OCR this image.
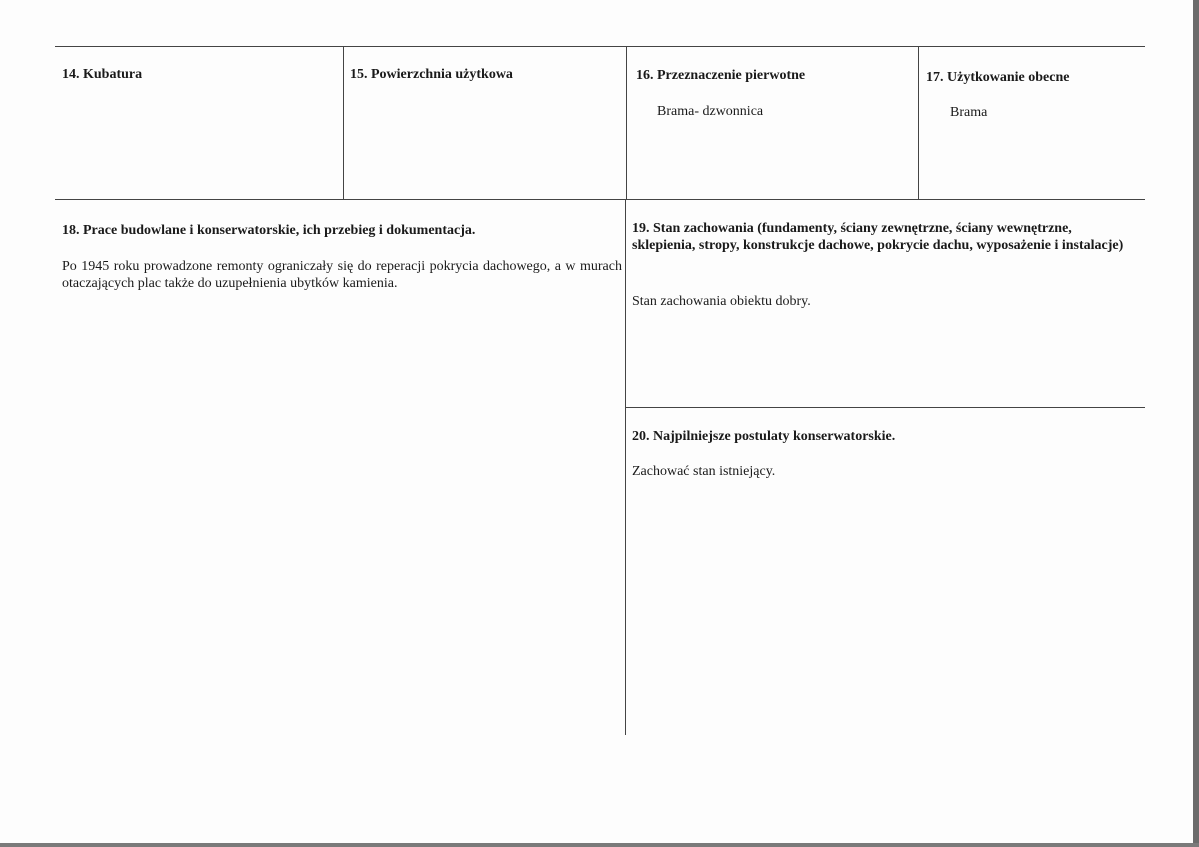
14. Kubatura	15. Powierzchnia użytkowa	16. Przeznaczenie pierwotne
Brama- dzwonnica
17. Użytkowanie obecne
Brama
18. Prace budowlane i konserwatorskie, ich przebieg i dokumentacja.
Po 1945 roku prowadzone remonty ograniczały się do reperacji pokrycia dachowego, a w murach otaczających plac także do uzupełnienia ubytków kamienia.
19. Stan zachowania (fundamenty, ściany zewnętrzne, ściany wewnętrzne, sklepienia, stropy, konstrukcje dachowe, pokrycie dachu, wyposażenie i instalacje)
Stan zachowania obiektu dobry.
20. Najpilniejsze postulaty konserwatorskie.
Zachować stan istniejący.
